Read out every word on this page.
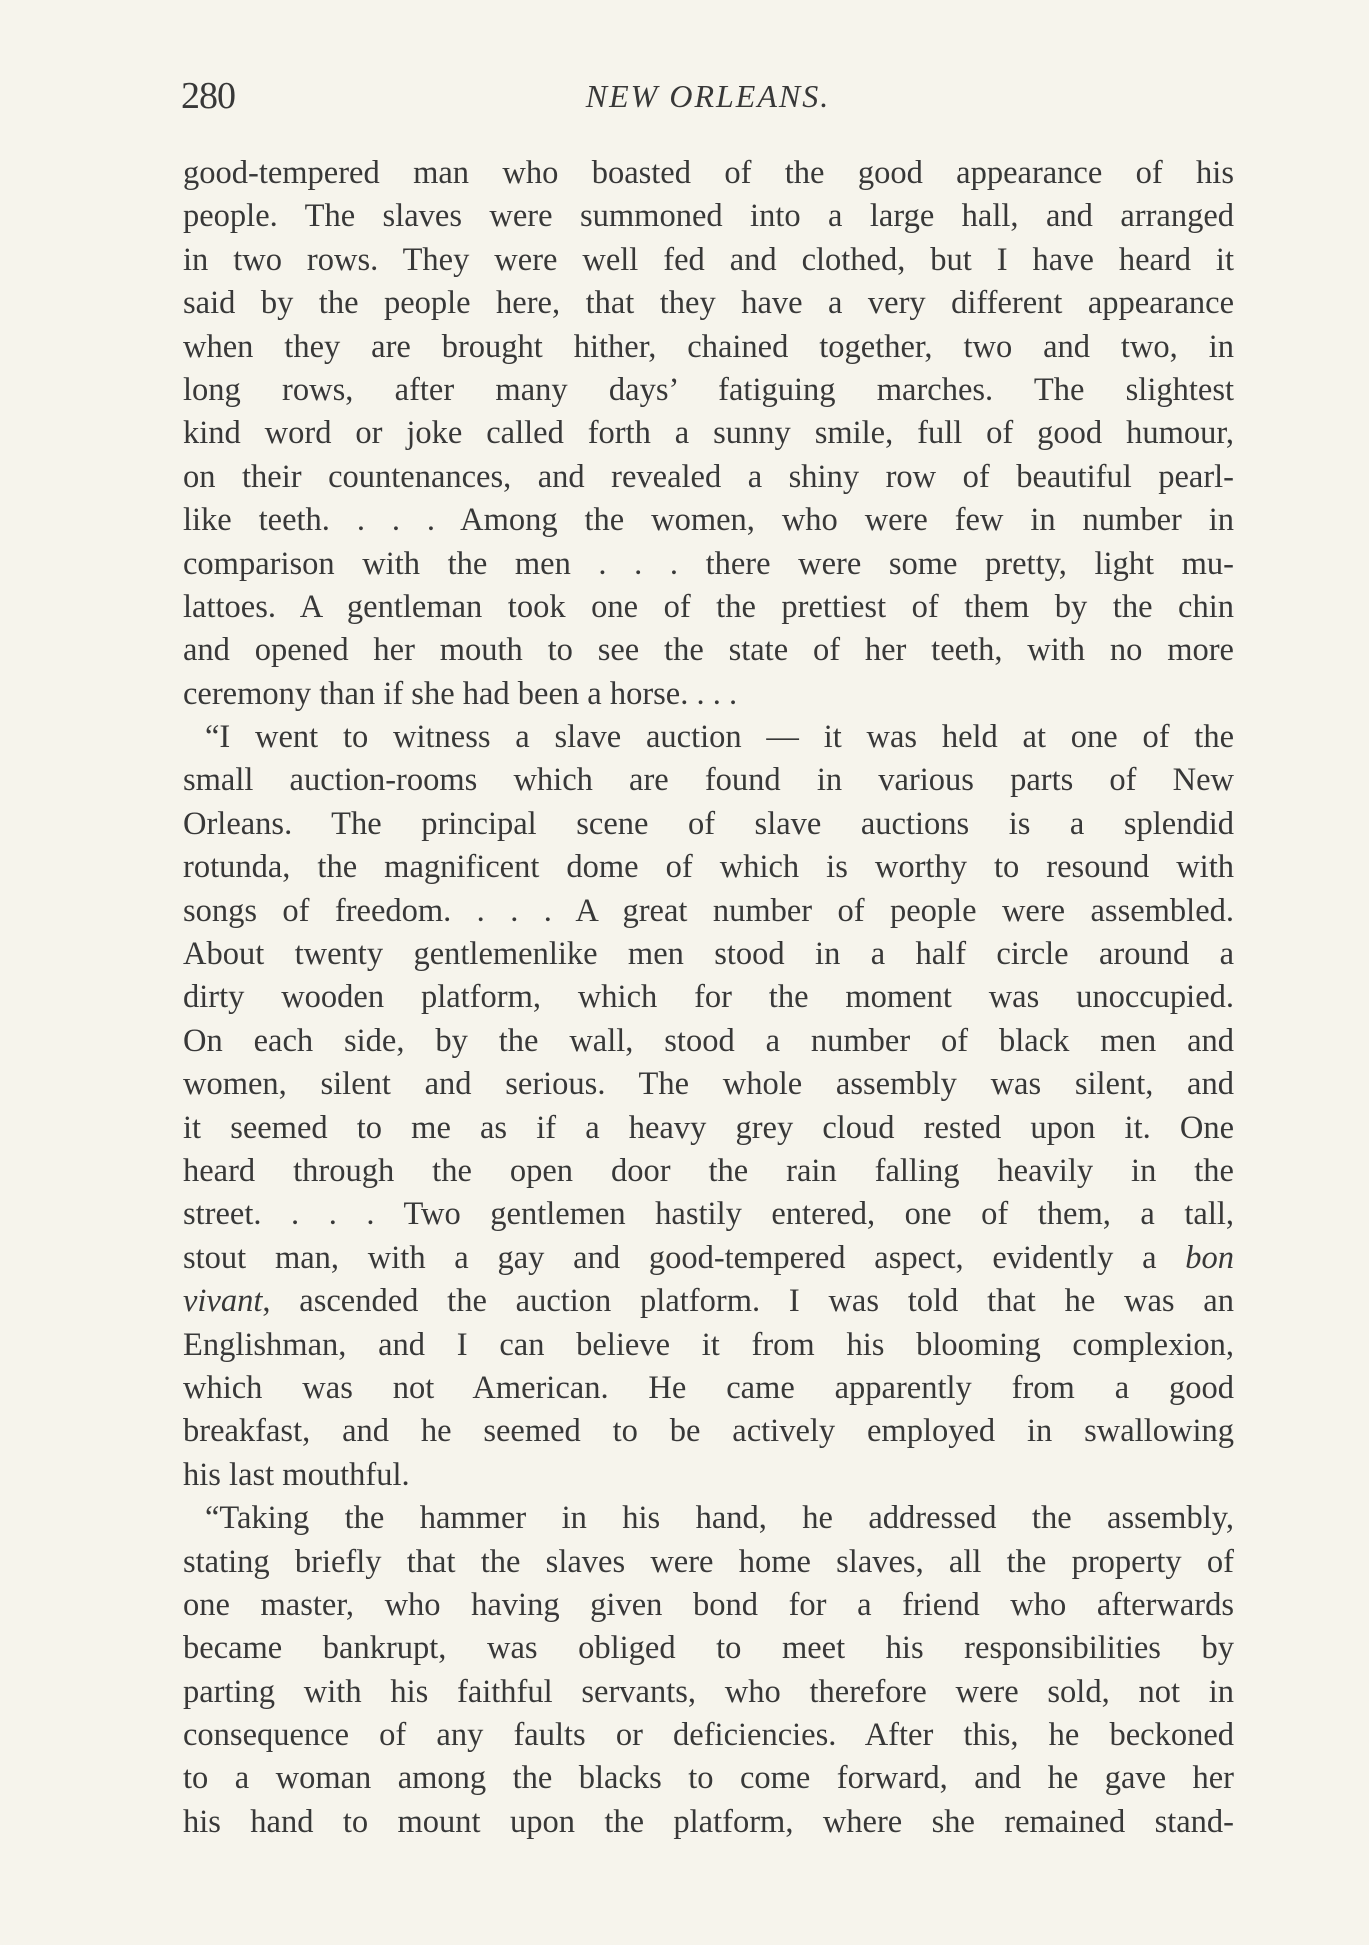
280	NEW ORLEANS.
good-tempered man who boasted of the good appearance of his
people. The slaves were summoned into a large hall, and arranged
in two rows. They were well fed and clothed, but I have heard it
said by the people here, that they have a very different appearance
when they are brought hither, chained together, two and two, in
long rows, after many days’ fatiguing marches. The slightest
kind word or joke called forth a sunny smile, full of good humour,
on their countenances, and revealed a shiny row of beautiful pearl-
like teeth. . . . Among the women, who were few in number in
comparison with the men . . . there were some pretty, light mu-
lattoes. A gentleman took one of the prettiest of them by the chin
and opened her mouth to see the state of her teeth, with no more
ceremony than if she had been a horse. . . .
“I went to witness a slave auction — it was held at one of the
small auction-rooms which are found in various parts of New
Orleans. The principal scene of slave auctions is a splendid
rotunda, the magnificent dome of which is worthy to resound with
songs of freedom. . . . A great number of people were assembled.
About twenty gentlemenlike men stood in a half circle around a
dirty wooden platform, which for the moment was unoccupied.
On each side, by the wall, stood a number of black men and
women, silent and serious. The whole assembly was silent, and
it seemed to me as if a heavy grey cloud rested upon it. One
heard through the open door the rain falling heavily in the
street. . . . Two gentlemen hastily entered, one of them, a tall,
stout man, with a gay and good-tempered aspect, evidently a bon
vivant, ascended the auction platform. I was told that he was an
Englishman, and I can believe it from his blooming complexion,
which was not American. He came apparently from a good
breakfast, and he seemed to be actively employed in swallowing
his last mouthful.
“Taking the hammer in his hand, he addressed the assembly,
stating briefly that the slaves were home slaves, all the property of
one master, who having given bond for a friend who afterwards
became bankrupt, was obliged to meet his responsibilities by
parting with his faithful servants, who therefore were sold, not in
consequence of any faults or deficiencies. After this, he beckoned
to a woman among the blacks to come forward, and he gave her
his hand to mount upon the platform, where she remained stand-
